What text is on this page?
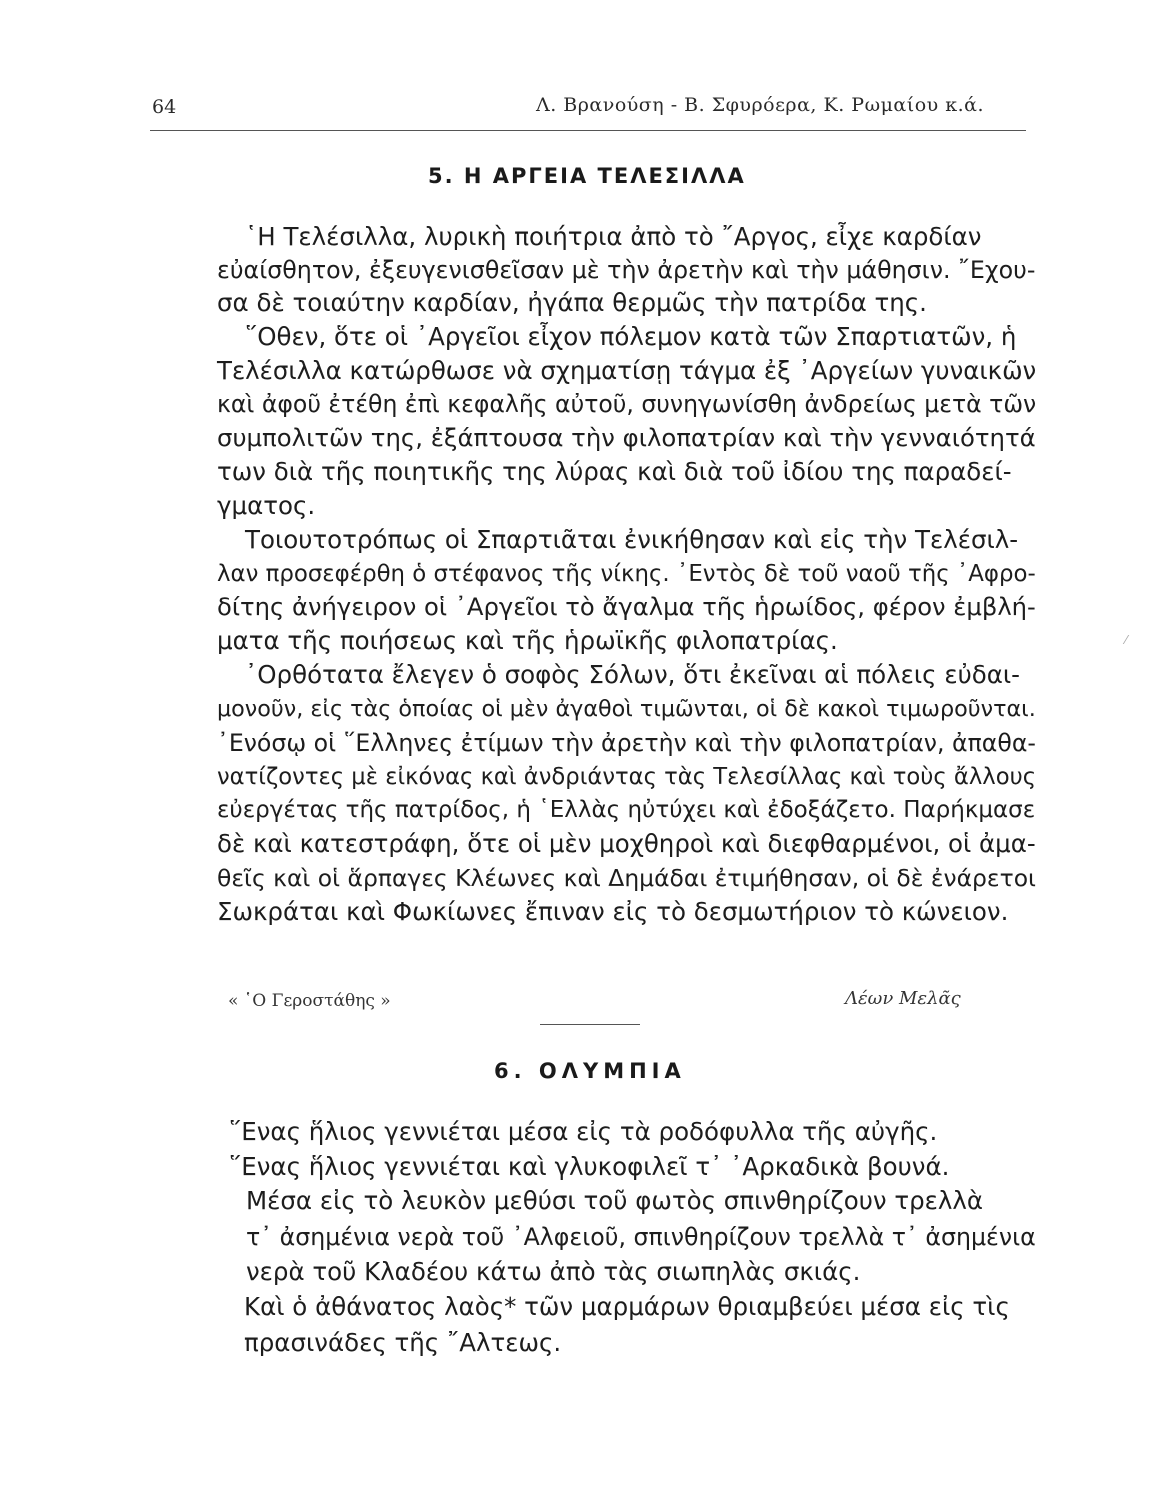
64	Λ. Βρανούση - Β. Σφυρόερα, Κ. Ρωμαίου κ.ά.
5. Η ΑΡΓΕΙΑ ΤΕΛΕΣΙΛΛΑ
῾Η Τελέσιλλα, λυρικὴ ποιήτρια ἀπὸ τὸ ῎Αργος, εἶχε καρδίαν
εὐαίσθητον, ἐξευγενισθεῖσαν μὲ τὴν ἀρετὴν καὶ τὴν μάθησιν. ῎Εχου-
σα δὲ τοιαύτην καρδίαν, ἠγάπα θερμῶς τὴν πατρίδα της.
῞Οθεν, ὅτε οἱ ᾿Αργεῖοι εἶχον πόλεμον κατὰ τῶν Σπαρτιατῶν, ἡ
Τελέσιλλα κατώρθωσε νὰ σχηματίσῃ τάγμα ἐξ ᾿Αργείων γυναικῶν
καὶ ἀφοῦ ἐτέθη ἐπὶ κεφαλῆς αὐτοῦ, συνηγωνίσθη ἀνδρείως μετὰ τῶν
συμπολιτῶν της, ἐξάπτουσα τὴν φιλοπατρίαν καὶ τὴν γενναιότητά
των διὰ τῆς ποιητικῆς της λύρας καὶ διὰ τοῦ ἰδίου της παραδεί-
γματος.
Τοιουτοτρόπως οἱ Σπαρτιᾶται ἐνικήθησαν καὶ εἰς τὴν Τελέσιλ-
λαν προσεφέρθη ὁ στέφανος τῆς νίκης. ᾿Εντὸς δὲ τοῦ ναοῦ τῆς ᾿Αφρο-
δίτης ἀνήγειρον οἱ ᾿Αργεῖοι τὸ ἄγαλμα τῆς ἡρωίδος, φέρον ἐμβλή-
ματα τῆς ποιήσεως καὶ τῆς ἡρωϊκῆς φιλοπατρίας.
᾿Ορθότατα ἔλεγεν ὁ σοφὸς Σόλων, ὅτι ἐκεῖναι αἱ πόλεις εὐδαι-
μονοῦν, εἰς τὰς ὁποίας οἱ μὲν ἀγαθοὶ τιμῶνται, οἱ δὲ κακοὶ τιμωροῦνται.
᾿Ενόσῳ οἱ ῞Ελληνες ἐτίμων τὴν ἀρετὴν καὶ τὴν φιλοπατρίαν, ἀπαθα-
νατίζοντες μὲ εἰκόνας καὶ ἀνδριάντας τὰς Τελεσίλλας καὶ τοὺς ἄλλους
εὐεργέτας τῆς πατρίδος, ἡ ῾Ελλὰς ηὐτύχει καὶ ἐδοξάζετο. Παρήκμασε
δὲ καὶ κατεστράφη, ὅτε οἱ μὲν μοχθηροὶ καὶ διεφθαρμένοι, οἱ ἀμα-
θεῖς καὶ οἱ ἅρπαγες Κλέωνες καὶ Δημάδαι ἐτιμήθησαν, οἱ δὲ ἐνάρετοι
Σωκράται καὶ Φωκίωνες ἔπιναν εἰς τὸ δεσμωτήριον τὸ κώνειον.
« ῾Ο Γεροστάθης »	Λέων Μελᾶς
⁄
6. ΟΛΥΜΠΙΑ
῞Ενας ἥλιος γεννιέται μέσα εἰς τὰ ροδόφυλλα τῆς αὐγῆς.
῞Ενας ἥλιος γεννιέται καὶ γλυκοφιλεῖ τ᾿ ᾿Αρκαδικὰ βουνά.
Μέσα εἰς τὸ λευκὸν μεθύσι τοῦ φωτὸς σπινθηρίζουν τρελλὰ
τ᾿ ἀσημένια νερὰ τοῦ ᾿Αλφειοῦ, σπινθηρίζουν τρελλὰ τ᾿ ἀσημένια
νερὰ τοῦ Κλαδέου κάτω ἀπὸ τὰς σιωπηλὰς σκιάς.
Καὶ ὁ ἀθάνατος λαὸς* τῶν μαρμάρων θριαμβεύει μέσα εἰς τὶς
πρασινάδες τῆς ῎Αλτεως.
